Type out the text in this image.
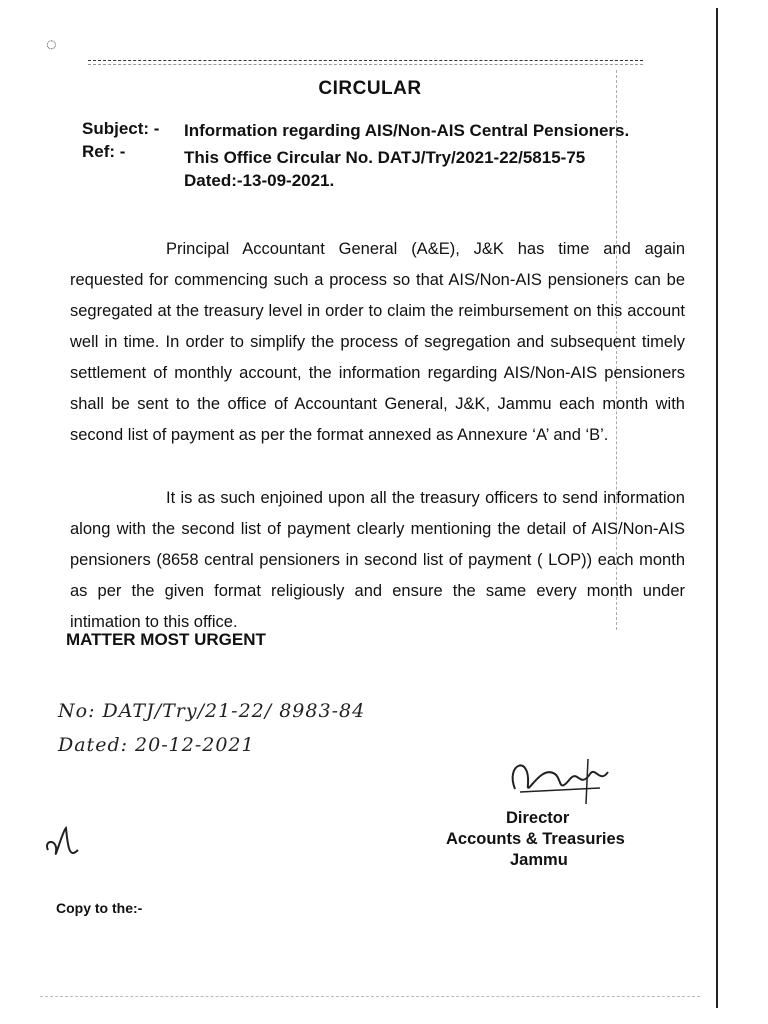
◌
CIRCULAR
Subject: -	Information regarding AIS/Non-AIS Central Pensioners.
Ref: -	This Office Circular No. DATJ/Try/2021-22/5815-75
Dated:-13-09-2021.
Principal Accountant General (A&E), J&K has time and again requested for commencing such a process so that AIS/Non-AIS pensioners can be segregated at the treasury level in order to claim the reimbursement on this account well in time. In order to simplify the process of segregation and subsequent timely settlement of monthly account, the information regarding AIS/Non-AIS pensioners shall be sent to the office of Accountant General, J&K, Jammu each month with second list of payment as per the format annexed as Annexure ‘A’ and ‘B’.
It is as such enjoined upon all the treasury officers to send information along with the second list of payment clearly mentioning the detail of AIS/Non-AIS pensioners (8658 central pensioners in second list of payment ( LOP)) each month as per the given format religiously and ensure the same every month under intimation to this office.
MATTER MOST URGENT
No: DATJ/Try/21-22/ 8983-84
Dated: 20-12-2021
Director
Accounts & Treasuries
Jammu
Copy to the:-
